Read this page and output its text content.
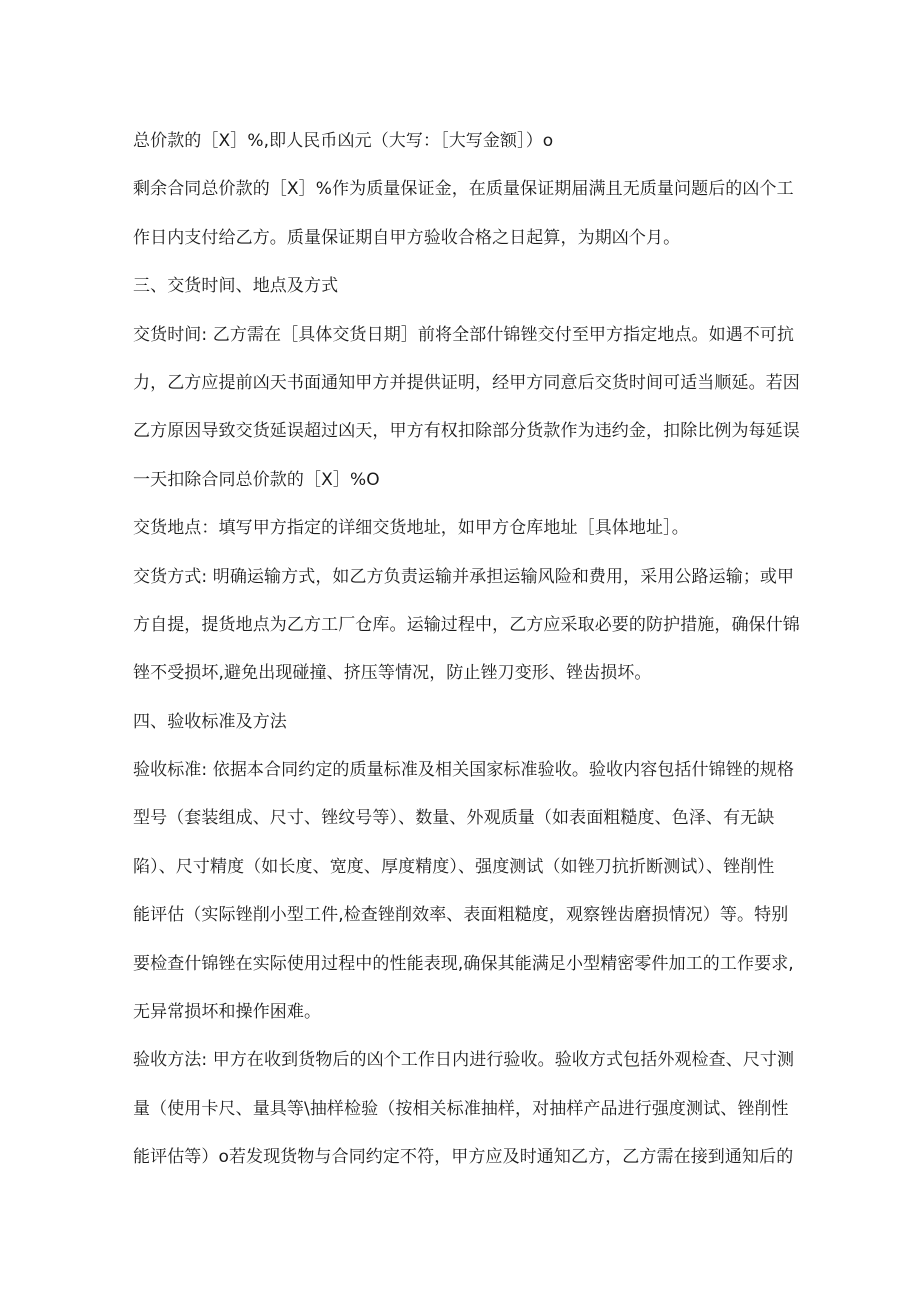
总价款的［X］%,即人民币凶元（大写：［大写金额］）o
剩余合同总价款的［X］%作为质量保证金，在质量保证期届满且无质量问题后的凶个工
作日内支付给乙方。质量保证期自甲方验收合格之日起算，为期凶个月。
三、交货时间、地点及方式
交货时间: 乙方需在［具体交货日期］前将全部什锦锉交付至甲方指定地点。如遇不可抗
力，乙方应提前凶天书面通知甲方并提供证明，经甲方同意后交货时间可适当顺延。若因
乙方原因导致交货延误超过凶天，甲方有权扣除部分货款作为违约金，扣除比例为每延误
一天扣除合同总价款的［X］%O
交货地点：填写甲方指定的详细交货地址，如甲方仓库地址［具体地址］。
交货方式: 明确运输方式，如乙方负责运输并承担运输风险和费用，采用公路运输；或甲
方自提，提货地点为乙方工厂仓库。运输过程中，乙方应采取必要的防护措施，确保什锦
锉不受损坏,避免出现碰撞、挤压等情况，防止锉刀变形、锉齿损坏。
四、验收标准及方法
验收标准: 依据本合同约定的质量标准及相关国家标准验收。验收内容包括什锦锉的规格
型号（套装组成、尺寸、锉纹号等）、数量、外观质量（如表面粗糙度、色泽、有无缺
陷）、尺寸精度（如长度、宽度、厚度精度）、强度测试（如锉刀抗折断测试）、锉削性
能评估（实际锉削小型工件,检查锉削效率、表面粗糙度，观察锉齿磨损情况）等。特别
要检查什锦锉在实际使用过程中的性能表现,确保其能满足小型精密零件加工的工作要求,
无异常损坏和操作困难。
验收方法: 甲方在收到货物后的凶个工作日内进行验收。验收方式包括外观检查、尺寸测
量（使用卡尺、量具等\抽样检验（按相关标准抽样，对抽样产品进行强度测试、锉削性
能评估等）o若发现货物与合同约定不符，甲方应及时通知乙方，乙方需在接到通知后的
